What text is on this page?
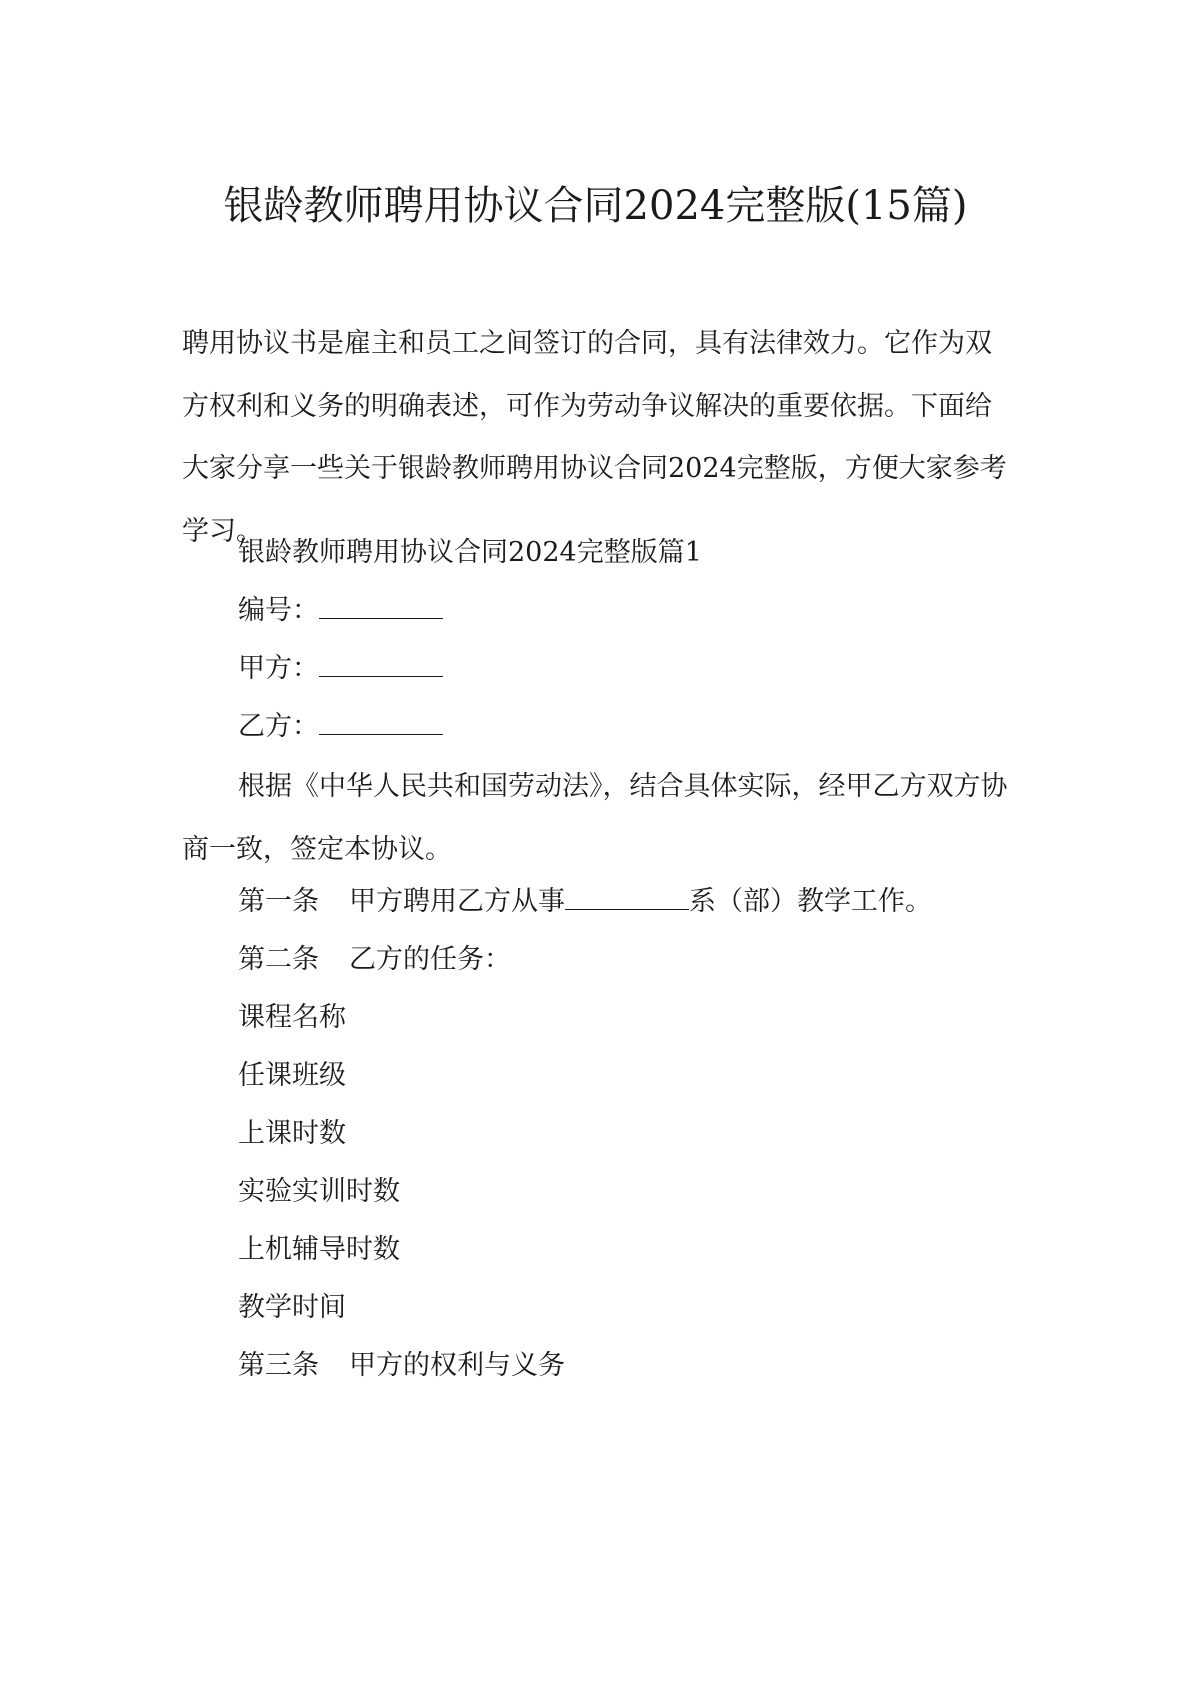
银龄教师聘用协议合同2024完整版(15篇)

聘用协议书是雇主和员工之间签订的合同，具有法律效力。它作为双方权利和义务的明确表述，可作为劳动争议解决的重要依据。下面给大家分享一些关于银龄教师聘用协议合同2024完整版，方便大家参考学习。

银龄教师聘用协议合同2024完整版篇1

编号：

甲方：

乙方：

根据《中华人民共和国劳动法》，结合具体实际，经甲乙方双方协商一致，签定本协议。

第一条 甲方聘用乙方从事	系（部）教学工作。

第二条 乙方的任务：

课程名称

任课班级

上课时数

实验实训时数

上机辅导时数

教学时间

第三条 甲方的权利与义务
